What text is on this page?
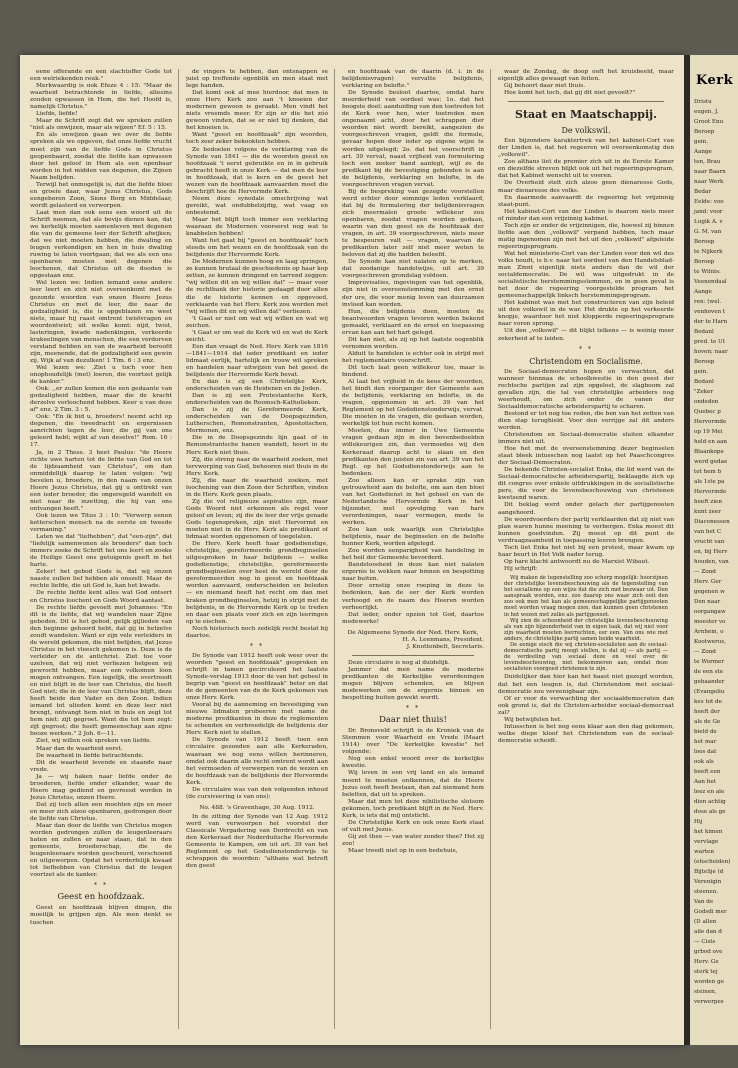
eene offerande en een slachtoffer Gode tot een welriekenden reuk."

Merkwaardig is ook Efeze 4 : 15: "Maar de waarheid betrachtende in liefde, allesins zouden opwassen in Hem, die het Hoofd is, namelijk Christus."

Liefde, liefde!

Maar de Schrift zegt dat we spreken zullen "niet als onwijzen, maar als wijzen" Ef. 5 : 15.

En als onwijzen gaan we over de liefde spreken als we opgeven, dat onze liefde vrucht moet zijn van de liefde Gods in Christus geopenbaard, zoodat die liefde kan opwassen door het geloof in Hem als een openbaar worden in het midden van degenen, die Zijnen Naam belijden.

Terwijl het onmogelijk is, dat die liefde bloei en groeie daar, waar Jezus Christus, Gods eengeboren Zoon, Sions Borg en Middelaar, wordt gelasterd en verworpen.

Laat men dan ook eens een woord uit de Schrift noemen, dat als bevijs dienen kan, dat we kerkelijk moeten samenleven met degenen die van de gemeene leer der Schrift afwijken; dat we niet moeten hebben, die dwaling en leugen verkondigen en hen in huis dwaling ruwing te laten voortgaan; dat we als een ons openbaren moeten met degenen die loochenen, dat Christus uit de dooden is opgestaan enz.

Wel lezen we: Indien iemand eene andere leer leert en zich niet overeenkomt met de gezonde woorden van onzen Heere Jezus Christus en met de leer, die naar de godzaligheid is, die is opgeblazen en weet niets, maar hij raast omtrent twistvragen en woordentwist; uit welke komt: nijd, twist, lasteringen, kwade nadenkingen, verkeerde krakeelingen van menschen, die een verdorven verstand hebben en van de waarheid beroofd zijn, meenende, dat de godzaligheid een gewin zij. Wijk af van dezulken! 1 Tim. 6 : 3 enz.

Wel lezen we: ,Ziet u toch voor hen onophoudelijk (met) loeren, die voortzet gelijk de kanker."

Ook: ,,er zullen komen die een gedaante van godzaligheid hebben, maar die de kracht derzelve verloochend hebben. Keer u van deze af" enz. 2 Tim. 3 : 5.

Ook: "En ik bid u, broeders! neemt acht op degenen, die tweedracht en ergernissen aanrichten tegen de leer, die gij van ons geleerd hebt; wijkt af van deselve!" Rom. 16 : 17.

Ja, in 2 Thess. 3 heet Paulus: "de Heere richte uwe harten tot de liefde van God en tot de lijdzaamheid van Christus", om dan onmiddellijk daarop te laten volgen: "wij bevelen u, broeders, in den naam van onzen Heere Jezus Christus, dat gij u onttrekt van een ieder broeder, die ongeregeld wandelt en niet naar de inzetting, die hij van ons ontvangen heeft."

Ook lezen we Titus 3 : 10: "Verwerp eenen ketterschen mensch na de eerste en tweede vermaning."

Laten we dat "liefhebben", dat "een-zijn", dat "liefelijk samenwonen als broeders" dan toch immers zoeke de Schrift het ons leert en zoeke de Heilige Geest ons getuigenis geeft in het harte.

Zeker! het gebod Gods is, dat wij onzen naaste zullen lief hebben als onszelf. Maar de rechte liefde, die uit God is, kan het kwade.

De rechte liefde kent alles wat God ontsert en Christus loochent en Gods Woord aantast.

De rechte liefde gevoelt met Johannes: "En dit is de liefde, dat wij wandelen naar Zijne geboden. Dit is het gebod, gelijk gijlieden van den beginne gehoord hebt, dat gij in hetzelve zoudt wandelen. Want er zijn vele verleiders in de wereld gekomen, die niet belijden, dat Jezus Christus in het vleesch gekomen is. Deze is de verleider en de antichrist. Ziet toe voor uzelven, dat wij niet verliezen hetgeen wij gewrocht hebben, maar een volkomen loon mogen ontvangen. Een iegelijk, die overtreedt en niet blijft in de leer van Christus, die heeft God niet; die in de leer van Christus blijft, deze heeft beide den Vader en den Zoon. Indien iemand tot ulieden komt en deze leer niet brengt, ontvangt hem niet in huis en zegt tot hem niet: zijt gegroet. Want die tot hem zegt: zijt gegroet; die heeft gemeenschap aan zijne booze werken." 2 Joh. 6—11.

Ziet, wij willen ook spreken van liefde.

Maar dan de waarheid eerst.

De waarheid in liefde betrachtende.

Dit de waarheid levende en staande naar vrede.

Ja — wij haken naar liefde onder de broederen, liefde onder elkander, waar de Heere mag gediend en gevreesd worden in Jezus Christus, onzen Heere.

Dat zij toch allen een moehten zijn en meer en meer zich alzoo openbaren, gedrongen door de liefde van Christus.

Maar dan door de liefde van Christus mogen worden gedrongen zullen de leugenleeraars haten en zullen er naar staan, dat in den gemeente, broederschap, die de leugenleeraars worden gescheurd, verschoond en uitgeworpen. Opdat het verderfelijk kwaad tot liefhebben van Christus dat de leugen voortzet als de kanker.

* *
Geest en hoofdzaak.

Geest en hoofdzaak blijven dingen, die moeilijk te grijpen zijn. Als men denkt se tuschen

de vingers te hebben, dan ontsnappen se juist op treffende ogenblik en men staat met lege handen.

Dat komt ook al mee hierdoor, dat men in onze Herv. Kerk zoo aan 't knoeien der modernen gewoon is geraakt. Men vindt het niets vreemds meer. Er zijn er die het zóó gewoon vinden, dat se er niet bij denken, dat het knoeien is.

Want "geest en hoofdzaak" zijn woorden, toch zeer zeker bekookten hebben.

Ze bedoelen volgens de verklaring van de Synode van 1841 — die de woorden geest en hoofdzaak 't eerst gebruikte en in in gebruik gebracht heeft in onze Kerk — dat men de leer in hoofdzaak, dat is kern en de geest het wezen van de hoofdzaak aanvaarden moet die beschrijft hoe de Hervormde Kerk.

Neem deze synodale omschrijving wat gereikt, wat ondubbelzijdig, wat vaag en onbestemd.

Maar het blijft toch immer een verklaring waaraan de Modernen voorserst nog wat te knabbelen hebben!

Want het gaat bij "geest en hoofdzaak" toch steeds om het wezen en de hoofdzaak van de belijdenis der Hervormde Kerk.

De Modernen kunnen hoog en laag springen, ze kunnen brutaal de geschiedenis op haar kop zetten, ze kunnen dringend en tarrend zeggen: "wij willen dit en wij willen dat" — maar voor de rechtbank der historie gedaagd door allen die de historie kennen en opgevoed, verklaarde van het Herv. Kerk zou worden met "wij willen dit en wij willen dat" verliezen.

't Gaat er niet om wat wij willen en wat wij zeichen.

't Gaat er om wat de Kerk wil en wat de Kerk zeicht.

Een dan vraagt de Ned. Herv. Kerk van 1816—1841—1914 dat ieder predikant en ieder lidmaat eerlijk, hartelijk en trouw wil spreken en handelen naar uitwijzen van het geest de belijdenis der Hervormde Kerk bevat.

En dan is zij een Christelijke Kerk, onderscheiden van de Heidenen en de Joden.

Dan is zij een Protestantsche Kerk, onderscheiden van de Roomsch-Katholieken.

Dan is zij de Gereformeerde Kerk, onderscheiden van de Doopsgezinden, Lutherschen, Remonstranten, Apostolischen, Mormonen, enz.

Die in de Doopsgezinde lijn gaat of in Remonstrantsche banen wandelt, hoort in de Herv. Kerk niet thuis.

Zij, die streng naar de waarheid zoeken, met tervworping van God, behooren niet thuis in de Herv. Kerk.

Zij, die naar de waarheid zoeken, met loochening van den Zoon der Schriften, vinden in de Herv. Kerk geen plaats.

Zij die vol religieuze aspiraties zijn, maar Gods Woord niet erkennen als regel voor geloof en leven; zij die de leer der vrije genade Gods tegenspreken, zijn niet Hervormd en moeten niet in de Herv. Kerk als predikant of lidmaat worden opgenomen of toegelaten.

De Herv. Kerk heeft haar godsdienstige, christelijke, gereformeerde grondbeginselen uitgesproken in haar belijdenis — welke godsdienstige, christelijke, gereformeerde grondbeginselen over heel de wereld door de gereformeerden nog in geest en hoofdzaak worden aanvaard, onderscheiden en beleden — en niemand heeft het recht om dan met kraken grondbeginselen, hetzij in strijd met de belijdenis, in de Hervormde Kerk op te treden en daar een plaats voor zich en zijn leeringen op te eischen.

Noch historisch noch zedelijk recht bestat bij daartoe.

* *

De Synode van 1912 heeft ook weer over de woorden "geest en hoofdzaak" gesproken en schrijft in tamen gecirculeerd het laatste Synode-verslag 1913 door de van het geheel in begrip van "geest en hoofdzaak" beter en dat de de gemeenten van de de Kerk gekomen van onze Herv. Kerk.

Vooral bij de aanneming en bevestiging van nieuwe lidmaten probeeren met name de moderne predikanten in deze de reglementen te schenden en verbreedelijk de belijdenis der Herv. Kerk niet te stellen.

De Synode van 1912 heeft toen een circulaire gezonden aan alle Kerkeraden, waaraan we nog eens willen herinneren, omdat ook daarin alle recht omtrent wordt aan het vermoeden of verwerpen van de wezen en de hoofdzaak van de belijdenis der Hervormde Kerk.

De circulaire was van den volgenden inhoud (de cursiveering is van ons):

No. 488. 's Gravenhage, 30 Aug. 1912.

In de zitting der Synode van 12 Aug. 1912 werd van verwoorpen het voorstel der Classicale Vergadering van Dordrecht en van den Kerkeraad der Nederduitsche Hervormde Gemeente te Kampen, om uit art. 39 van het Reglement op het Godsdienstonderwijs te schrappen de woorden: "althans wat betreft den geest

en hoofdzaak van de daarin (d. i. in de belijdenisvragen) vervatte belijdenis, verklaring en belofte."

De Synode besloot daartoe, omdat hare meerderheid van oordeel was: 1o. dat het boogste doel: aanduiding van den toetreden tot de Kerk voor hen, wier toetreden men ongenaamt acht, door het schrappen dier woorden niet wordt bereikt, aangezien de voorgeschreven vragen, geldt die formule, gevaar hopen door ieder op eigene wijze te worden uitgelegd; 2o. dat het voorschrift in art. 39 vervat, naast vrijheid van formulering toch een zeeker band aanlegt, wijl ze de predikant bij de bevestiging gebonden is aan de belijdenis, verklaring en belofte, in de voorgeschreven vragen vervat.

Bij de bespreking van gezegde voorstellen werd echter door sommige leden verklaard, dat bij de formulering der belijdenisvragen zich meermalen groote willekeur zou openbaren, zoodat vragen worden gedaan, waarin van den geest en de hoofdzaak der vragen, in art. 39 voorgeschreven, niets meer te bespeuren valt — vragen, waarvan de predikanten later zelf niet meer weten te beloven dat zij die hadden beleefd.

De Synode kan niet nalaten op te merken, dat zoodanige handelwijze, uit art. 39 voorgeschreven grondslag voldoen.

Improvisaties, ingevingen van het ogenblik, zijn niet in overeenstemming met den ernst der ure, die voor menig leven van duurzamen invloed kan worden.

Hun, die belijdenis doen, moeten de beantwoorden vragen tevoren worden bekend gemaakt, verklaard en de ernst en toepassing ervan kan aan het hart gelegd.

Dit kan niet, als zij op het laatste oogenblik vernomen worden.

Alduit te handelen is echter ook in strijd met het reglementaire voorschrift.

Dit toch laat geen willekeur toe, maar is bindend.

Al laat het vrijheid in de keus der woorden, het bindt den voorganger der Gemeente aan de belijdenis, verklaring en belofte, in de vragen, opgenomen in art. 39 van het Reglement op het Godsdienstonderwijs, vervat. Die moeten in de vragen, die gedaan worden, werkelijk tot hun recht komen.

Moeten, dus immer in Uwe Gemeente vragen gedaan zijn in den bovenbedoelden willekeurigen zin, dan vermoedes wij den Kerkeraad daarop acht te slaan en den predikanten den juisten zin van art. 39 van het Regl. op het Godsdienstonderwijs aan te bedenken.

Zoo alleen kan er sprake zijn van getrouwheid aan de belofte, om aan den bloei van het Godsdienst in het geheel en van de Nederlandsche Hervormde Kerk in het bijzonder, met opvolging van hare verordeningen, naar vermogen, mede te werken.

Zoo kan ook waarlijk een Christelijke belijdenis, naar de beginselen en de belofte hunner Kerk, worden afgelegd.

Zoo worden eenparigheid van handeling in het heil der Gemeente bevorderd.

Bandeloosheid in deze kan niet nalaten ergernis te wekken naar binnen en bespotting naar buiten.

Door ernstig onze roeping in deze te bedenken, kan de eer der Kerk worden verhoogd en de naam des Heeren worden verheerlijkt.

Dat ieder, onder opzien tot God, daartoe medewerke!

De Algemeene Synode der Ned. Herv. Kerk,
H. A. Leenmans, President.
J. Knottenbelt, Secretaris.

Deze circulaire is nog al duidelijk.

Jammer dat men name de moderne predikanten de Kerkelijke verordeningen mogen blijven schenden, en blijven modewerken om de ergernis binnen en bespotting buiten gewekt wordt.

* *
Daar niet thuis!

Dr. Bronsveld schrijft in de Kroniek van de Stemmen voor Waarheid en Vrede (Maart 1914) over "De kerkelijke kwestie" het volgende:

Nog een enkel woord over de kerkelijke kwestie.

Wij leven in een vrij land en als iemand meent te moeten ontkennen, dat de Heere Jezus ooit heeft bestaan, dan zal niemand hem beletten, dat uit te spreken.

Maar dat men tot deze nihilistische slotsom gekomen, toch predikant blijft in de Ned. Herv. Kerk, is iets dat mij ontsticht.

De Christelijke Kerk en ook onze Kerk staat of valt met Jezus.

Gij zet thee — van water zonder thee? Het zij zoo!

Maar treedt niet op in een bedehuis,

waar de Zondag, de doop ooft het kruisbeeld, maar eigenlijk alles gewaagt van feiten.

Gij behoort daar niet thuis.

Hoe komt het toch, dat gij dit niet gevoelt?"

Staat en Maatschappij.
De volkswil.

Een bijzondere karaktertrek van het kabinet-Cort van der Linden is, dat het regeeren wil overeenkomstig den „volkswil".

Zoo althans liet de premier zich uit in de Eerste Kamer en diezelfde streven blijkt ook uit het regeeringsprogram, dat het Kabinet wenscht uit te voeren.

De Overheid stelt zich alzoo geen dienaresse Gods, maar dienaresse des volks.

En daarmede aanvaardt de regeering het vrijzinnig staat-punt.

Het kabinet-Cort van der Linden is daarom niets meer of minder dan een vrijzinnig kabinet.

Toch zijn er onder de vrijzinnigen, die, hoewel zij binnen liefde aan den „volkswil" verpand hebben, toch maar matig ingenomen zijn met het uit den „volkswil" afgeleide regeeringsprogram.

Wat het ministerie-Cort van der Linden voor den wil des volks houdt, is b.v. naar het oordeel van den Handelsblad-man Zinnt eigenlijk niets anders dan de wil der socialdemocratie. De wil was uitgedrukt in de socialistische herstemmingsstemmen, en in geen geval is het door de regeering voorgestelde program het gemeenschappelijk linksch herstemmingsprogram.

Het kabinet was met het constructeren van zijn beleid uit den volkswil in de war. Het drukte op het verkeerde knopje, waardoor het niet klopperde regeeringsprogram naar voren sprong.

Uit den „volkswil" — dit blijkt telkens — is weinig meer zekerheid af te leiden.

* *
Christendom en Socialisme.

De Sociaal-democraten hopen en verwachten, dat wanneer binnnaa de schoolkwestie in den geest der rechtsche partijen zal zijn opgelost, de slagboom zal gevallen zijn, die tal van christelijke arbeiders nog weerhoudt, om zich onder de vanen der Sociaaldemocratische arbeiderspartij te scharen.

Bestond er tot nog toe reden, die ben van het zetten van dien stap terughield. Voor den verrijge zal dit anders worden.

Christendom en Sociaal-democratie sluiten elkander immers niet uit.

Hoe het met de overeenstemming dezer beginselen staat bleek intusschen nog laatst op het Paaschcongres der Sociaal-Democraten.

De bekende Christen-socialist Enka, die lid werd van de Sociaal-democratische arbeiderspartij, beklaagde zich op dit congres over enkele uitdrukkingen in de socialistische pers, die voor de levensbeschouwing van christenen kwetsend waren.

Dit beklag werd onder gelach der partijgenooten aangehoord.

De woordvoerders der partij verklaarden dat zij niet van plan waren hunne meening te verbergen. Enka moest dit kunnen goedvinden. Zij moest op dit punt de verdraagzaamheid in toepassing leeren brengen.

Toch liet Enka het niet bij een protest, maar kwam op haar beurt in Het Volk nader terug.

Op hare klacht antwoordt nu de Marxist Wibaut.

Hij schrijft:

Wij maken de tegenstelling zoo scherp mogelijk: hoorzijnen der christelijke levensbeschouwing als de tegenstelling van het socialisme op een wijze dat die zich met bezwaar uit. Den aanspraak worden, enz. zoo daarop ons waar zich ooit den zoo ook men het kan als gemeenschappelijke partijgenooten moet worden vraag mogen zien, dan kunnen geen christenen in het wezen met zulke als partijgenoot.

Wij zien de schoonheid der christelijke levensbeschouwing als van zijn bijzonderheid van in eigen taak, dat wij niet voor zijn waarheid moeten leerrechten, eer een. Van ons wie met anders, de christelijke partij samen beide waarheid.

De eenige eisch die wij christen-socialisten aan de sociaal-democratische partij moogt stellen, is dat zij — als partij — de verdeeling van sociaal deze en veel over de levensbeschouwing, niet bekommeren aan, omdat deze socialisten voorgoed christenen te zijn.

Duidelijker dan hier kan het haast niet gezegd worden, dat het een leugen is, dat Christendom met sociaal-democratie zou vereenigbaar zijn.

Of er voor de verwachting der sociaaldemocraten dan ook grond is, dat de Christen-arbeider sociaal-democraat zal?

Wij betwijfelen het.

Intusschen is het nog eens klaar aan den dag gekomen, welke diepe kloof het Christendom van de sociaal-democratie scheidt.

Kerk
Dristu
eugen, J.
Groot Enu
Beroep
gein.
Aange
ten, Brau
naar Baarn
naar Werk
Bedar
Eelde: voo
jand: voor
Lugik A. v
G. M. van
Beroep
te Nijkerk
Beroep
te Wilnis:
Veenendaal
Aange
ren: (wel.
venhoven t
der te Harn
Bedanl
pred. te Ut
hoven; naar
Beroep
gein.
Bedanl
"Zeker
ondeden
Quebec p
Hervormde
op 19 Mei
held en aan
Blaankope
werd gedae
tot hem b
als 1ste pa
Hervormde
heeft zien
kunt zeer
Diaconessen
van het C
vrucht van
en, bij Herv
houden, van
— Zond
Herv. Ger
gegenen w
Den naar
oorgangaw
moester vo
Arnhem, o
Kootwerus,
— Zond
te Wormer
de een ste
gebaander
(Evangeliu
kes tot de
heeft der
als de Ge
bield de
het mar
loos dat
ook als
beeft een
Aan het
leez en ale
dien achtig
dose als ge
Hij
het kimen
vervlage
warten
(ehscheiden)
Bijtelije (d
Verenigin
steenen.
Van de
Godsdi mer
(D allen
aile dan d
— Cists
grbod ove
Herv. Ge
sterk tej
worden ge
steinen,
verwerpes
